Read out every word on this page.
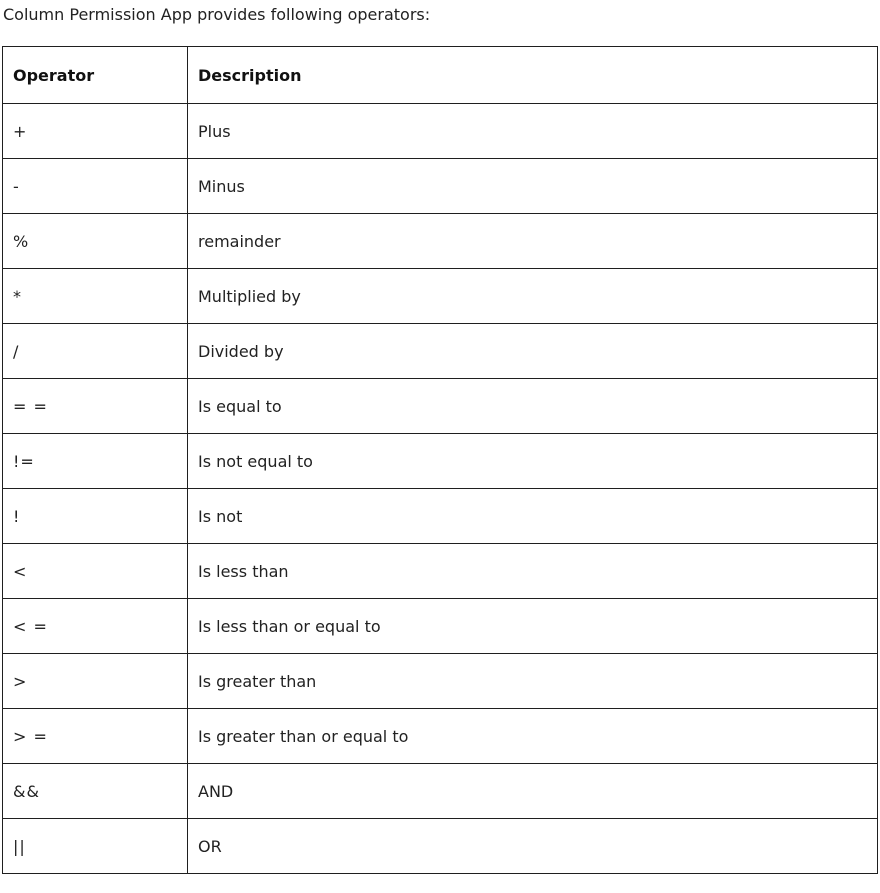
Column Permission App provides following operators:

Operator	Description
+	Plus
-	Minus
%	remainder
*	Multiplied by
/	Divided by
= =	Is equal to
!=	Is not equal to
!	Is not
<	Is less than
< =	Is less than or equal to
>	Is greater than
> =	Is greater than or equal to
&&	AND
||	OR
